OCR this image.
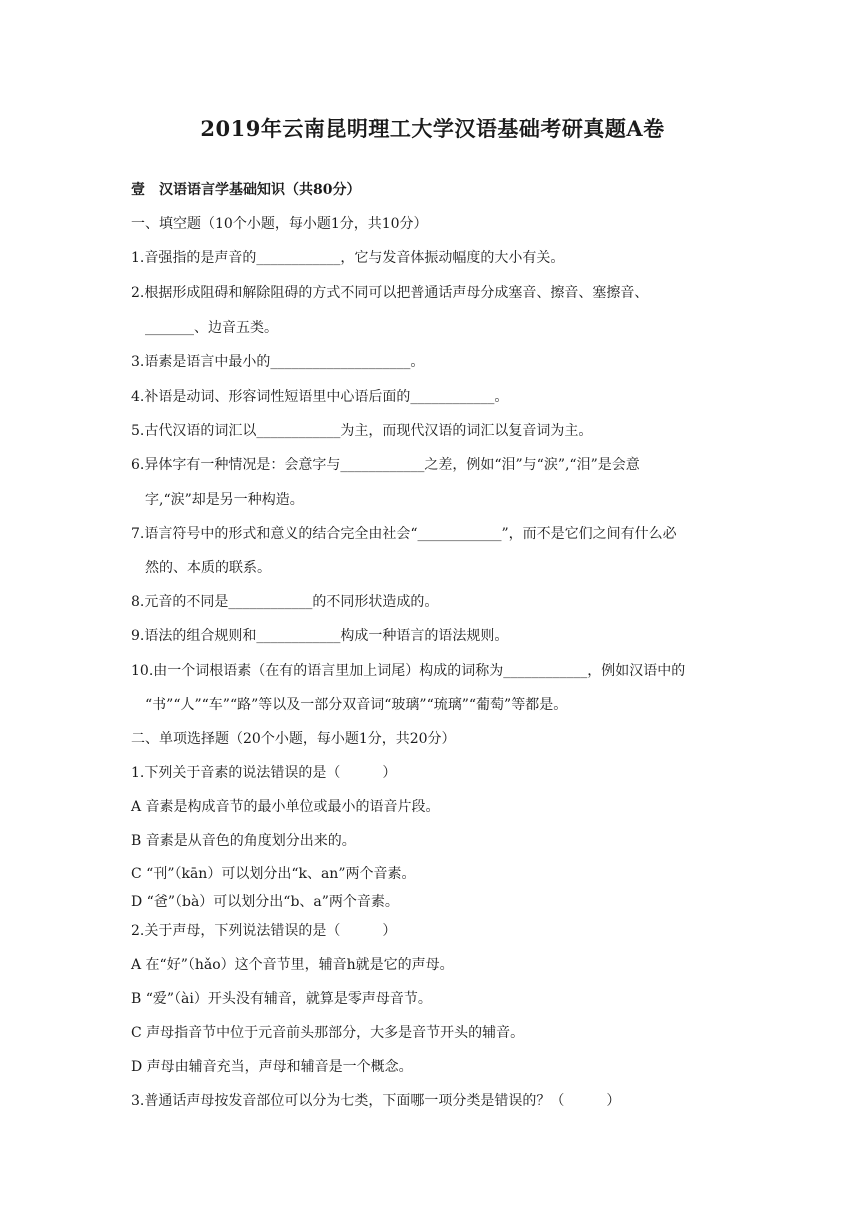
2019年云南昆明理工大学汉语基础考研真题A卷
壹　汉语语言学基础知识（共80分）
一、填空题（10个小题，每小题1分，共10分）
1.音强指的是声音的____________，它与发音体振动幅度的大小有关。
2.根据形成阻碍和解除阻碍的方式不同可以把普通话声母分成塞音、擦音、塞擦音、
_______、边音五类。
3.语素是语言中最小的____________________。
4.补语是动词、形容词性短语里中心语后面的____________。
5.古代汉语的词汇以____________为主，而现代汉语的词汇以复音词为主。
6.异体字有一种情况是：会意字与____________之差，例如“泪”与“涙”,“泪”是会意
字,“涙”却是另一种构造。
7.语言符号中的形式和意义的结合完全由社会“____________”，而不是它们之间有什么必
然的、本质的联系。
8.元音的不同是____________的不同形状造成的。
9.语法的组合规则和____________构成一种语言的语法规则。
10.由一个词根语素（在有的语言里加上词尾）构成的词称为____________，例如汉语中的
“书”“人”“车”“路”等以及一部分双音词“玻璃”“琉璃”“葡萄”等都是。
二、单项选择题（20个小题，每小题1分，共20分）
1.下列关于音素的说法错误的是（　　　）
A 音素是构成音节的最小单位或最小的语音片段。
B 音素是从音色的角度划分出来的。
C “刊”（kān）可以划分出“k、an”两个音素。
D “爸”（bà）可以划分出“b、a”两个音素。
2.关于声母，下列说法错误的是（　　　）
A 在“好”（hǎo）这个音节里，辅音h就是它的声母。
B “爱”（ài）开头没有辅音，就算是零声母音节。
C 声母指音节中位于元音前头那部分，大多是音节开头的辅音。
D 声母由辅音充当，声母和辅音是一个概念。
3.普通话声母按发音部位可以分为七类，下面哪一项分类是错误的？（　　　）
